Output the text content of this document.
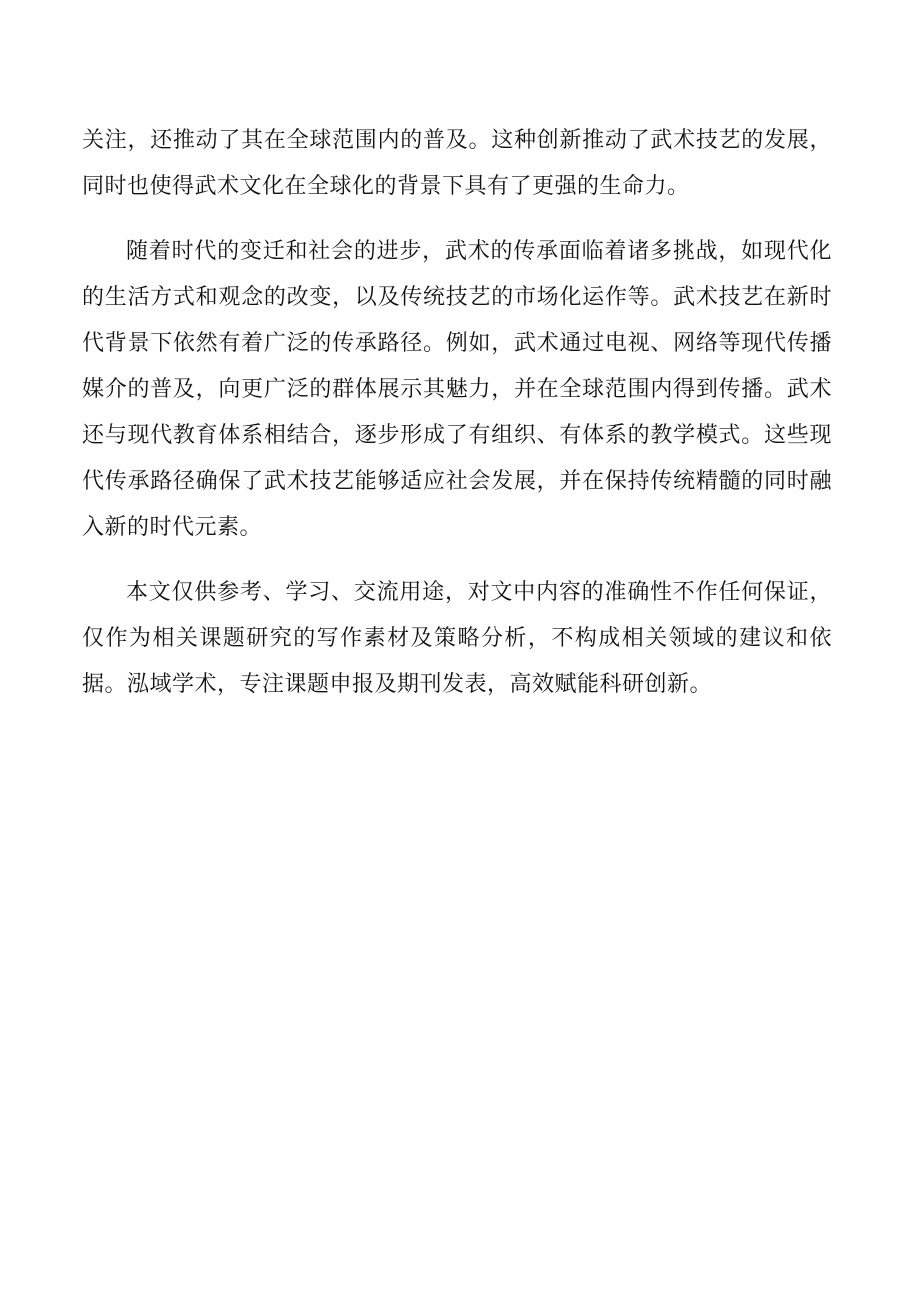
关注，还推动了其在全球范围内的普及。这种创新推动了武术技艺的发展，同时也使得武术文化在全球化的背景下具有了更强的生命力。

随着时代的变迁和社会的进步，武术的传承面临着诸多挑战，如现代化的生活方式和观念的改变，以及传统技艺的市场化运作等。武术技艺在新时代背景下依然有着广泛的传承路径。例如，武术通过电视、网络等现代传播媒介的普及，向更广泛的群体展示其魅力，并在全球范围内得到传播。武术还与现代教育体系相结合，逐步形成了有组织、有体系的教学模式。这些现代传承路径确保了武术技艺能够适应社会发展，并在保持传统精髓的同时融入新的时代元素。

本文仅供参考、学习、交流用途，对文中内容的准确性不作任何保证，仅作为相关课题研究的写作素材及策略分析，不构成相关领域的建议和依据。泓域学术，专注课题申报及期刊发表，高效赋能科研创新。
